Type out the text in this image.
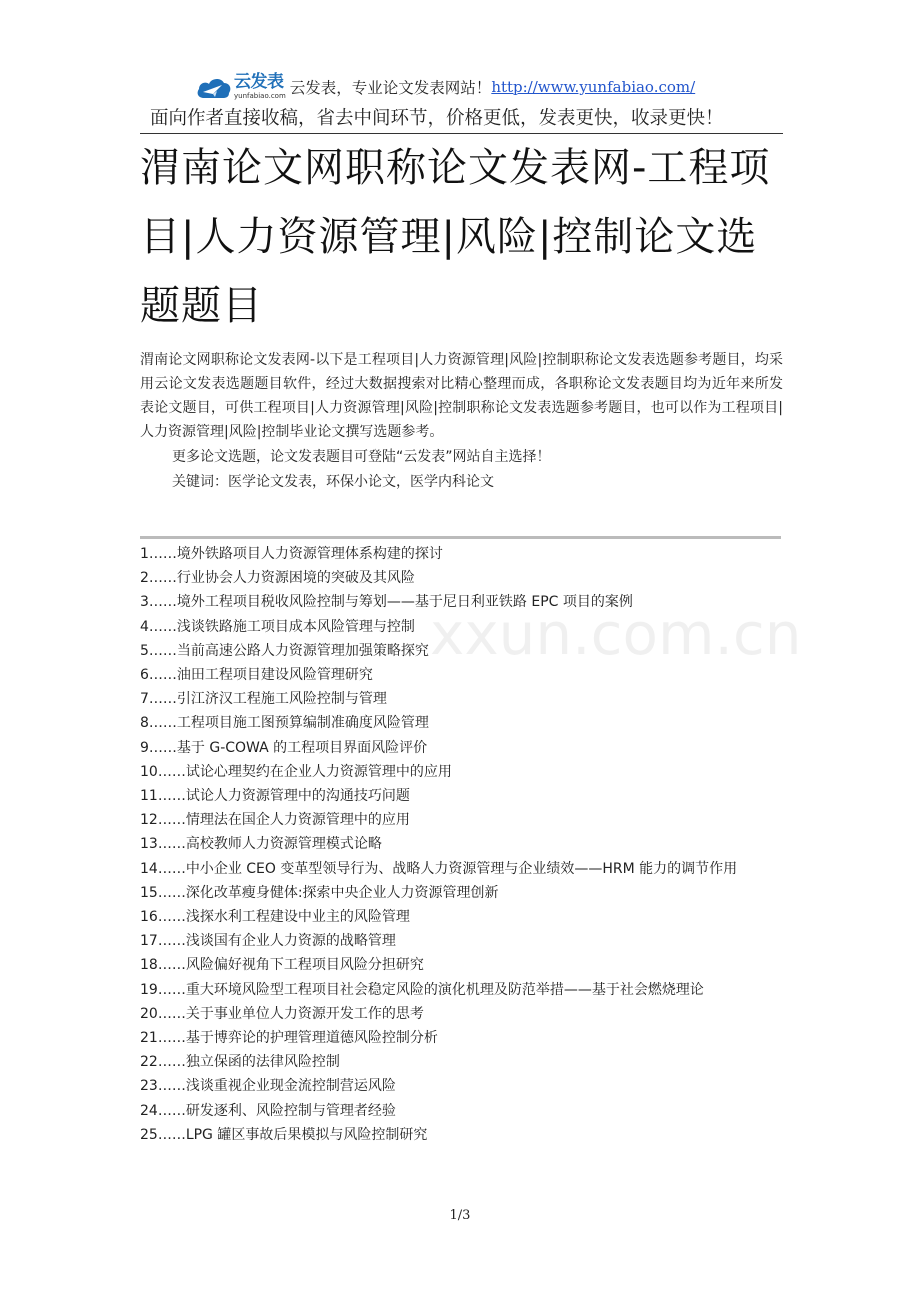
云发表
yunfabiao.com 云发表，专业论文发表网站！ http://www.yunfabiao.com/
面向作者直接收稿，省去中间环节，价格更低，发表更快，收录更快！
渭南论文网职称论文发表网-工程项目|人力资源管理|风险|控制论文选题题目

渭南论文网职称论文发表网-以下是工程项目|人力资源管理|风险|控制职称论文发表选题参考题目，均采用云论文发表选题题目软件，经过大数据搜索对比精心整理而成，各职称论文发表题目均为近年来所发表论文题目，可供工程项目|人力资源管理|风险|控制职称论文发表选题参考题目，也可以作为工程项目|人力资源管理|风险|控制毕业论文撰写选题参考。

更多论文选题，论文发表题目可登陆“云发表”网站自主选择！

关键词：医学论文发表，环保小论文，医学内科论文

xxun.com.cn
1……境外铁路项目人力资源管理体系构建的探讨
2……行业协会人力资源困境的突破及其风险
3……境外工程项目税收风险控制与筹划——基于尼日利亚铁路 EPC 项目的案例
4……浅谈铁路施工项目成本风险管理与控制
5……当前高速公路人力资源管理加强策略探究
6……油田工程项目建设风险管理研究
7……引江济汉工程施工风险控制与管理
8……工程项目施工图预算编制准确度风险管理
9……基于 G-COWA 的工程项目界面风险评价
10……试论心理契约在企业人力资源管理中的应用
11……试论人力资源管理中的沟通技巧问题
12……情理法在国企人力资源管理中的应用
13……高校教师人力资源管理模式论略
14……中小企业 CEO 变革型领导行为、战略人力资源管理与企业绩效——HRM 能力的调节作用
15……深化改革瘦身健体:探索中央企业人力资源管理创新
16……浅探水利工程建设中业主的风险管理
17……浅谈国有企业人力资源的战略管理
18……风险偏好视角下工程项目风险分担研究
19……重大环境风险型工程项目社会稳定风险的演化机理及防范举措——基于社会燃烧理论
20……关于事业单位人力资源开发工作的思考
21……基于博弈论的护理管理道德风险控制分析
22……独立保函的法律风险控制
23……浅谈重视企业现金流控制营运风险
24……研发逐利、风险控制与管理者经验
25……LPG 罐区事故后果模拟与风险控制研究
1/3
